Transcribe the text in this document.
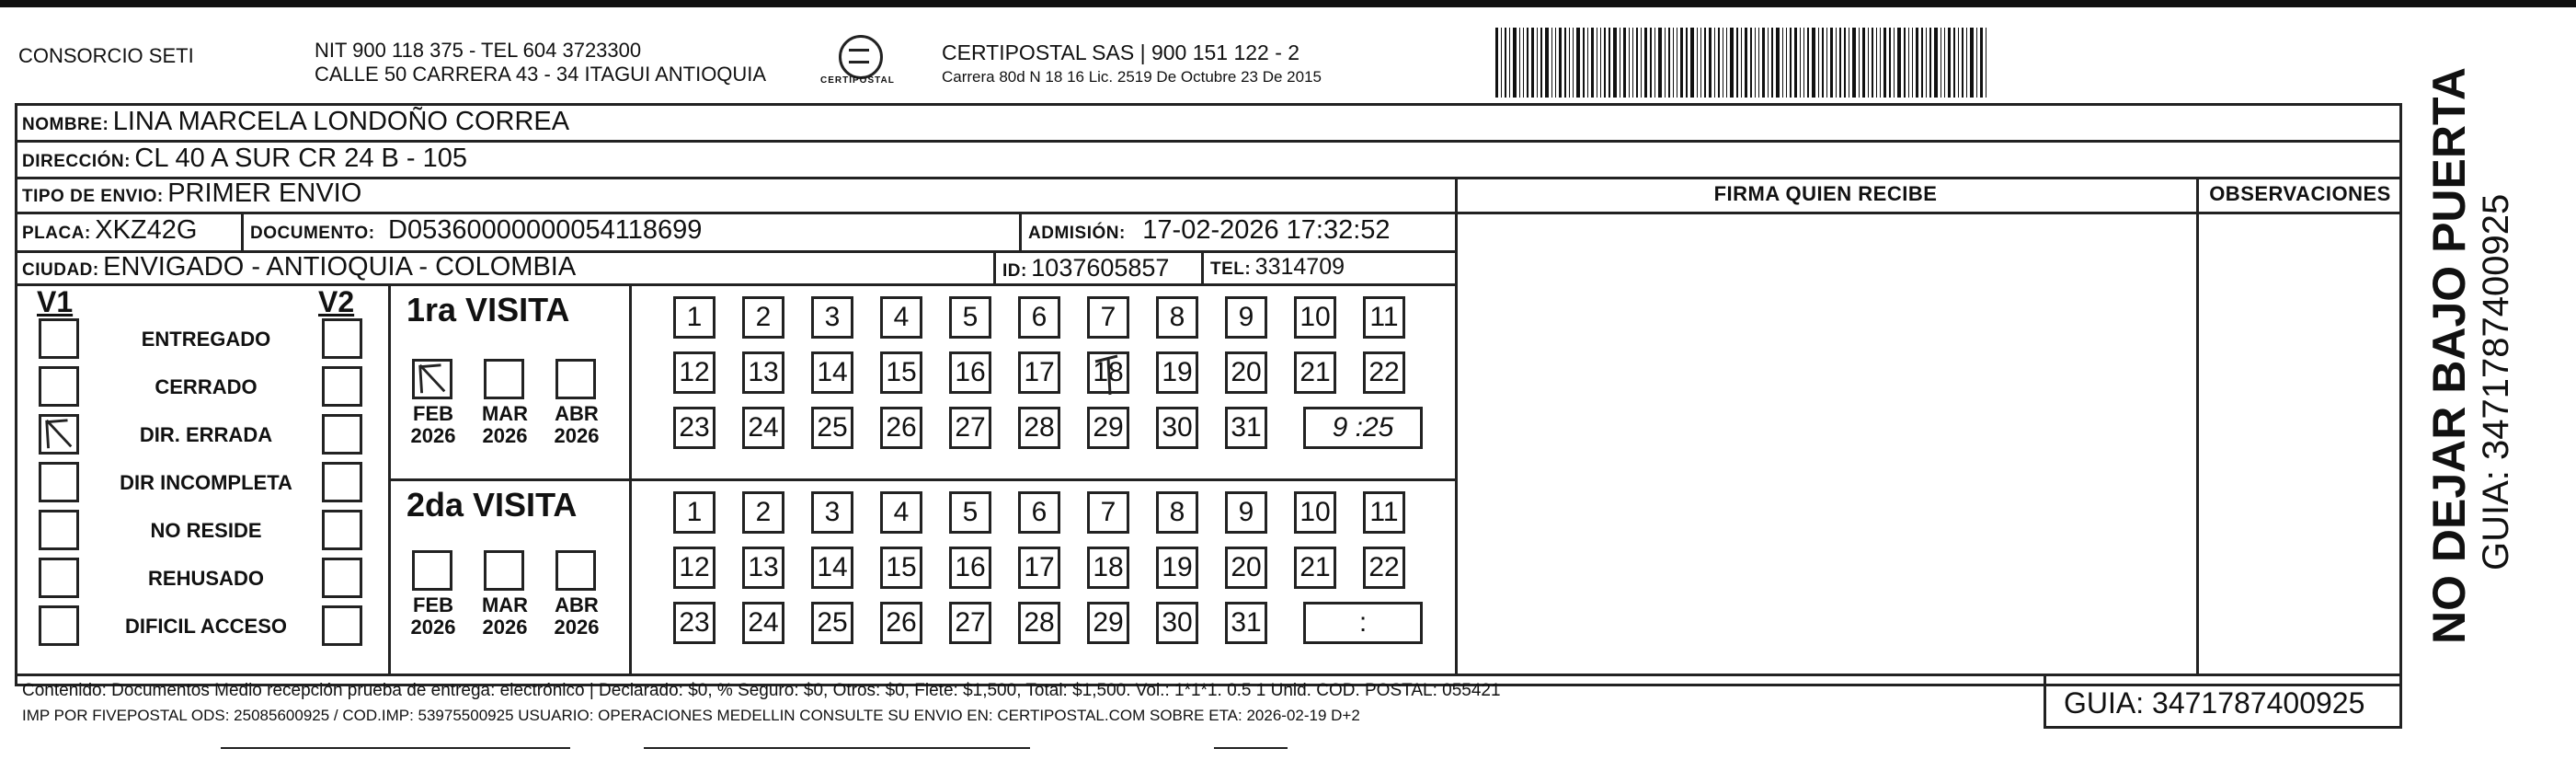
CONSORCIO SETI	NIT 900 118 375 - TEL 604 3723300
CALLE 50 CARRERA 43 - 34 ITAGUI ANTIOQUIA	CERTIPOSTAL
CERTIPOSTAL SAS | 900 151 122 - 2
Carrera 80d N 18 16 Lic. 2519 De Octubre 23 De 2015
NOMBRE: LINA MARCELA LONDOÑO CORREA
DIRECCIÓN: CL 40 A SUR CR 24 B - 105
TIPO DE ENVIO: PRIMER ENVIO
PLACA: XKZ42G	DOCUMENTO: D05360000000054118699	ADMISIÓN: 17-02-2026 17:32:52
CIUDAD: ENVIGADO - ANTIOQUIA - COLOMBIA	ID: 1037605857 TEL: 3314709
FIRMA QUIEN RECIBE	OBSERVACIONES
V1	V2
ENTREGADO
CERRADO
DIR. ERRADA
DIR INCOMPLETA
NO RESIDE
REHUSADO
DIFICIL ACCESO
1ra VISITA
2da VISITA
FEB
2026
MAR
2026
ABR
2026
FEB
2026
MAR
2026
ABR
2026
1	2	3	4	5	6	7	8	9	10 11
12 13 14 15 16 17 18 19 20 21 22
23 24 25 26 27 28 29 30 31	9 :25
1	2	3	4	5	6	7	8	9	10 11
12 13 14 15 16 17 18 19 20 21 22
23 24 25 26 27 28 29 30 31	:
Contenido: Documentos Medio recepción prueba de entrega: electrónico | Declarado: $0, % Seguro: $0, Otros: $0, Flete: $1,500, Total: $1,500. Vol.: 1*1*1. 0.5 1 Unid. COD. POSTAL: 055421
IMP POR FIVEPOSTAL ODS: 25085600925 / COD.IMP: 53975500925 USUARIO: OPERACIONES MEDELLIN CONSULTE SU ENVIO EN: CERTIPOSTAL.COM SOBRE ETA: 2026-02-19 D+2	GUIA: 3471787400925
NO DEJAR BAJO PUERTA GUIA: 3471787400925
